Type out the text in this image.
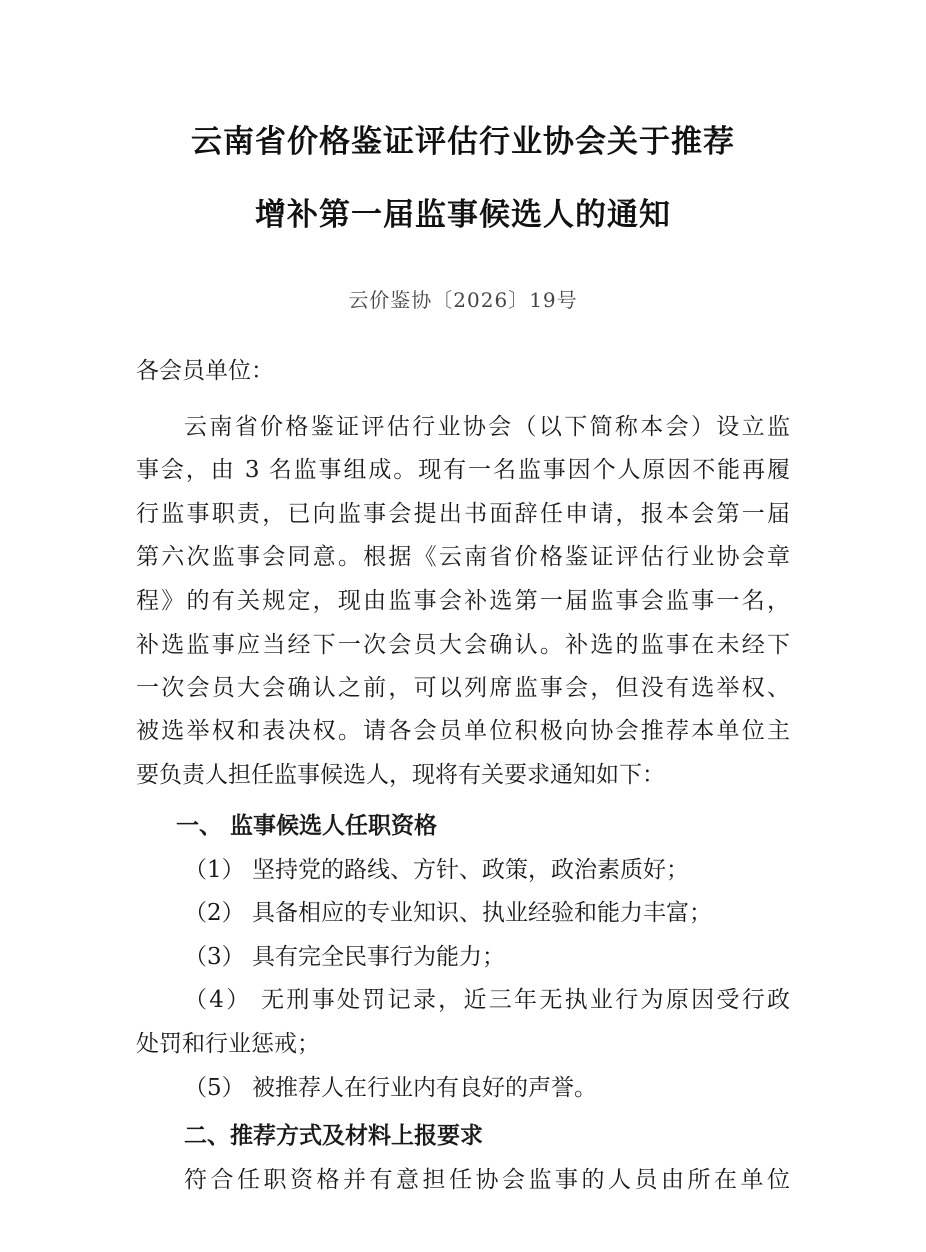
云南省价格鉴证评估行业协会关于推荐
增补第一届监事候选人的通知
云价鉴协〔2026〕19号
各会员单位：
云南省价格鉴证评估行业协会（以下简称本会）设立监
事会，由 3 名监事组成。现有一名监事因个人原因不能再履
行监事职责，已向监事会提出书面辞任申请，报本会第一届
第六次监事会同意。根据《云南省价格鉴证评估行业协会章
程》的有关规定，现由监事会补选第一届监事会监事一名，
补选监事应当经下一次会员大会确认。补选的监事在未经下
一次会员大会确认之前，可以列席监事会，但没有选举权、
被选举权和表决权。请各会员单位积极向协会推荐本单位主
要负责人担任监事候选人，现将有关要求通知如下：
一、 监事候选人任职资格
（1） 坚持党的路线、方针、政策，政治素质好；
（2） 具备相应的专业知识、执业经验和能力丰富；
（3） 具有完全民事行为能力；
（4） 无刑事处罚记录，近三年无执业行为原因受行政
处罚和行业惩戒；
（5） 被推荐人在行业内有良好的声誉。
二、推荐方式及材料上报要求
符合任职资格并有意担任协会监事的人员由所在单位
